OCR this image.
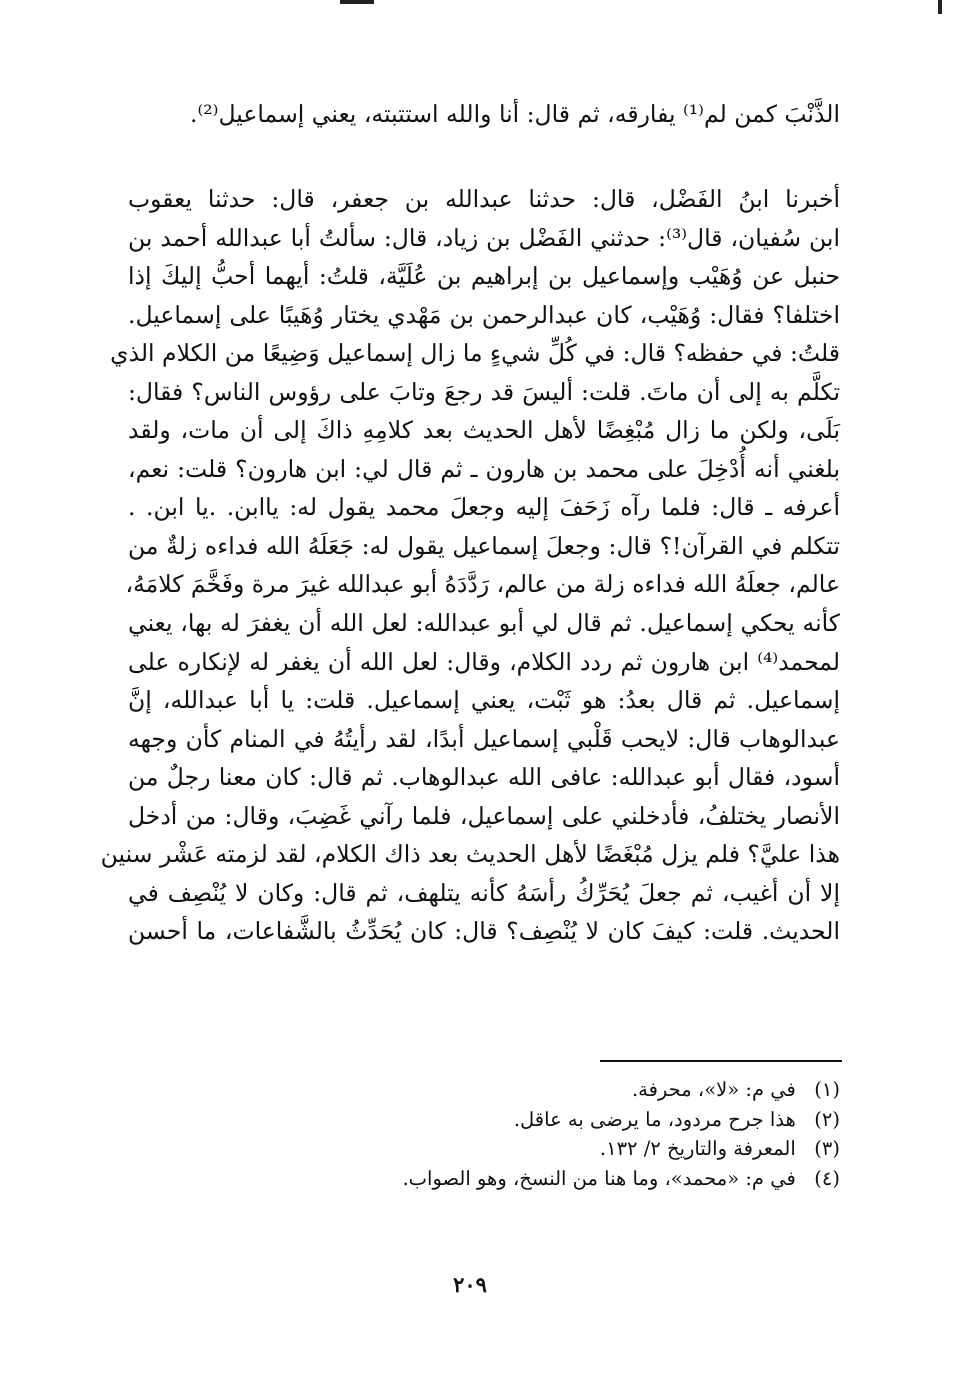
الذَّنْبَ كمن لم⁽¹⁾ يفارقه، ثم قال: أنا والله استتبته، يعني إسماعيل⁽²⁾.
أخبرنا ابنُ الفَضْل، قال: حدثنا عبدالله بن جعفر، قال: حدثنا يعقوب
ابن سُفيان، قال⁽³⁾: حدثني الفَضْل بن زياد، قال: سألتُ أبا عبدالله أحمد بن
حنبل عن وُهَيْب وإسماعيل بن إبراهيم بن عُلَيَّة، قلتُ: أيهما أحبُّ إليكَ إذا
اختلفا؟ فقال: وُهَيْب، كان عبدالرحمن بن مَهْدي يختار وُهَيبًا على إسماعيل.
قلتُ: في حفظه؟ قال: في كُلِّ شيءٍ ما زال إسماعيل وَضِيعًا من الكلام الذي
تكلَّم به إلى أن ماتَ. قلت: أليسَ قد رجعَ وتابَ على رؤوس الناس؟ فقال:
بَلَى، ولكن ما زال مُبْغِضًا لأهل الحديث بعد كلامِهِ ذاكَ إلى أن مات، ولقد
بلغني أنه أُدْخِلَ على محمد بن هارون ـ ثم قال لي: ابن هارون؟ قلت: نعم،
أعرفه ـ قال: فلما رآه زَحَفَ إليه وجعلَ محمد يقول له: ياابن. .يا ابن. .
تتكلم في القرآن!؟ قال: وجعلَ إسماعيل يقول له: جَعَلَهُ الله فداءه زلةٌ من
عالم، جعلَهُ الله فداءه زلة من عالم، رَدَّدَهُ أبو عبدالله غيرَ مرة وفَخَّمَ كلامَهُ،
كأنه يحكي إسماعيل. ثم قال لي أبو عبدالله: لعل الله أن يغفرَ له بها، يعني
لمحمد⁽⁴⁾ ابن هارون ثم ردد الكلام، وقال: لعل الله أن يغفر له لإنكاره على
إسماعيل. ثم قال بعدُ: هو ثَبْت، يعني إسماعيل. قلت: يا أبا عبدالله، إنَّ
عبدالوهاب قال: لايحب قَلْبي إسماعيل أبدًا، لقد رأيتُهُ في المنام كأن وجهه
أسود، فقال أبو عبدالله: عافى الله عبدالوهاب. ثم قال: كان معنا رجلٌ من
الأنصار يختلفُ، فأدخلني على إسماعيل، فلما رآني غَضِبَ، وقال: من أدخل
هذا عليَّ؟ فلم يزل مُبْغَضًا لأهل الحديث بعد ذاك الكلام، لقد لزمته عَشْر سنين
إلا أن أغيب، ثم جعلَ يُحَرِّكُ رأسَهُ كأنه يتلهف، ثم قال: وكان لا يُنْصِف في
الحديث. قلت: كيفَ كان لا يُنْصِف؟ قال: كان يُحَدِّثُ بالشَّفاعات، ما أحسن
(١) في م: «لا»، محرفة.
(٢) هذا جرح مردود، ما يرضى به عاقل.
(٣) المعرفة والتاريخ ٢/ ١٣٢.
(٤) في م: «محمد»، وما هنا من النسخ، وهو الصواب.
٢٠٩
